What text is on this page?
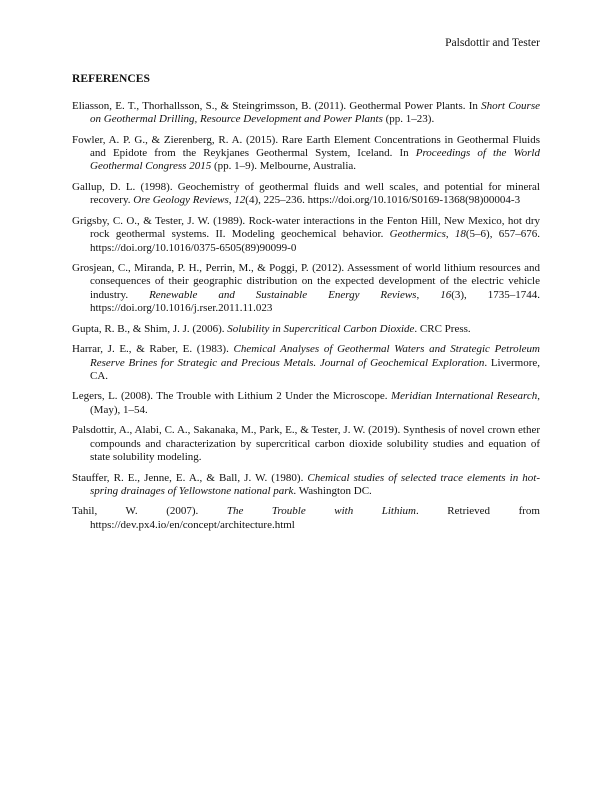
Palsdottir and Tester
REFERENCES

Eliasson, E. T., Thorhallsson, S., & Steingrimsson, B. (2011). Geothermal Power Plants. In Short Course on Geothermal Drilling, Resource Development and Power Plants (pp. 1–23).

Fowler, A. P. G., & Zierenberg, R. A. (2015). Rare Earth Element Concentrations in Geothermal Fluids and Epidote from the Reykjanes Geothermal System, Iceland. In Proceedings of the World Geothermal Congress 2015 (pp. 1–9). Melbourne, Australia.

Gallup, D. L. (1998). Geochemistry of geothermal fluids and well scales, and potential for mineral recovery. Ore Geology Reviews, 12(4), 225–236. https://doi.org/10.1016/S0169-1368(98)00004-3

Grigsby, C. O., & Tester, J. W. (1989). Rock-water interactions in the Fenton Hill, New Mexico, hot dry rock geothermal systems. II. Modeling geochemical behavior. Geothermics, 18(5–6), 657–676. https://doi.org/10.1016/0375-6505(89)90099-0

Grosjean, C., Miranda, P. H., Perrin, M., & Poggi, P. (2012). Assessment of world lithium resources and consequences of their geographic distribution on the expected development of the electric vehicle industry. Renewable and Sustainable Energy Reviews, 16(3), 1735–1744. https://doi.org/10.1016/j.rser.2011.11.023

Gupta, R. B., & Shim, J. J. (2006). Solubility in Supercritical Carbon Dioxide. CRC Press.

Harrar, J. E., & Raber, E. (1983). Chemical Analyses of Geothermal Waters and Strategic Petroleum Reserve Brines for Strategic and Precious Metals. Journal of Geochemical Exploration. Livermore, CA.

Legers, L. (2008). The Trouble with Lithium 2 Under the Microscope. Meridian International Research, (May), 1–54.

Palsdottir, A., Alabi, C. A., Sakanaka, M., Park, E., & Tester, J. W. (2019). Synthesis of novel crown ether compounds and characterization by supercritical carbon dioxide solubility studies and equation of state solubility modeling.

Stauffer, R. E., Jenne, E. A., & Ball, J. W. (1980). Chemical studies of selected trace elements in hot-spring drainages of Yellowstone national park. Washington DC.

Tahil, W. (2007). The Trouble with Lithium. Retrieved from https://dev.px4.io/en/concept/architecture.html
